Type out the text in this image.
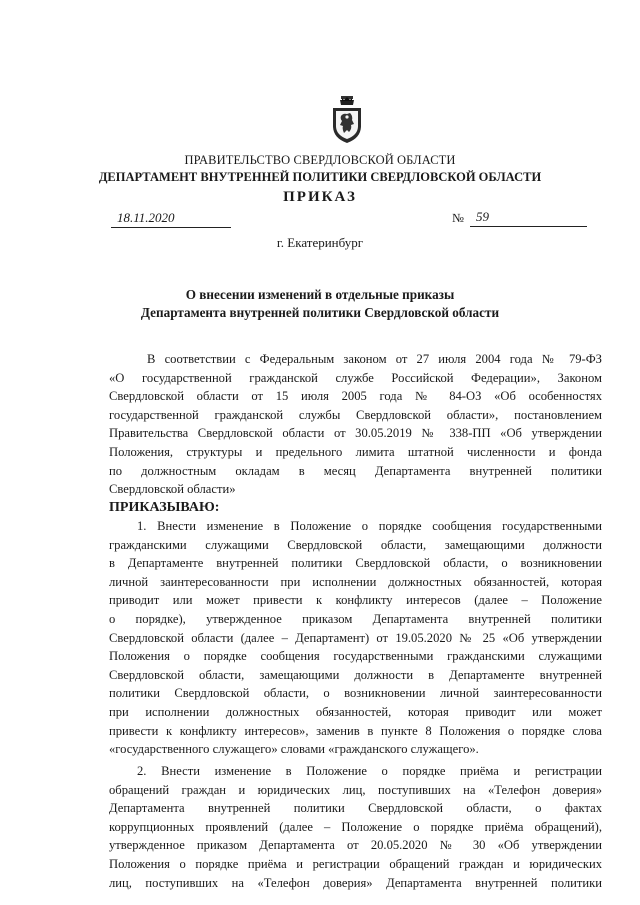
ПРАВИТЕЛЬСТВО СВЕРДЛОВСКОЙ ОБЛАСТИ
ДЕПАРТАМЕНТ ВНУТРЕННЕЙ ПОЛИТИКИ СВЕРДЛОВСКОЙ ОБЛАСТИ
ПРИКАЗ
18.11.2020	№ 59
г. Екатеринбург
О внесении изменений в отдельные приказы
Департамента внутренней политики Свердловской области
В соответствии с Федеральным законом от 27 июля 2004 года № 79-ФЗ
«О государственной гражданской службе Российской Федерации», Законом
Свердловской области от 15 июля 2005 года № 84-ОЗ «Об особенностях
государственной гражданской службы Свердловской области», постановлением
Правительства Свердловской области от 30.05.2019 № 338-ПП «Об утверждении
Положения, структуры и предельного лимита штатной численности и фонда
по должностным окладам в месяц Департамента внутренней политики
Свердловской области»
ПРИКАЗЫВАЮ:
1. Внести изменение в Положение о порядке сообщения государственными
гражданскими служащими Свердловской области, замещающими должности
в Департаменте внутренней политики Свердловской области, о возникновении
личной заинтересованности при исполнении должностных обязанностей, которая
приводит или может привести к конфликту интересов (далее – Положение
о порядке), утвержденное приказом Департамента внутренней политики
Свердловской области (далее – Департамент) от 19.05.2020 № 25 «Об утверждении
Положения о порядке сообщения государственными гражданскими служащими
Свердловской области, замещающими должности в Департаменте внутренней
политики Свердловской области, о возникновении личной заинтересованности
при исполнении должностных обязанностей, которая приводит или может
привести к конфликту интересов», заменив в пункте 8 Положения о порядке слова
«государственного служащего» словами «гражданского служащего».
2. Внести изменение в Положение о порядке приёма и регистрации
обращений граждан и юридических лиц, поступивших на «Телефон доверия»
Департамента внутренней политики Свердловской области, о фактах
коррупционных проявлений (далее – Положение о порядке приёма обращений),
утвержденное приказом Департамента от 20.05.2020 № 30 «Об утверждении
Положения о порядке приёма и регистрации обращений граждан и юридических
лиц, поступивших на «Телефон доверия» Департамента внутренней политики
